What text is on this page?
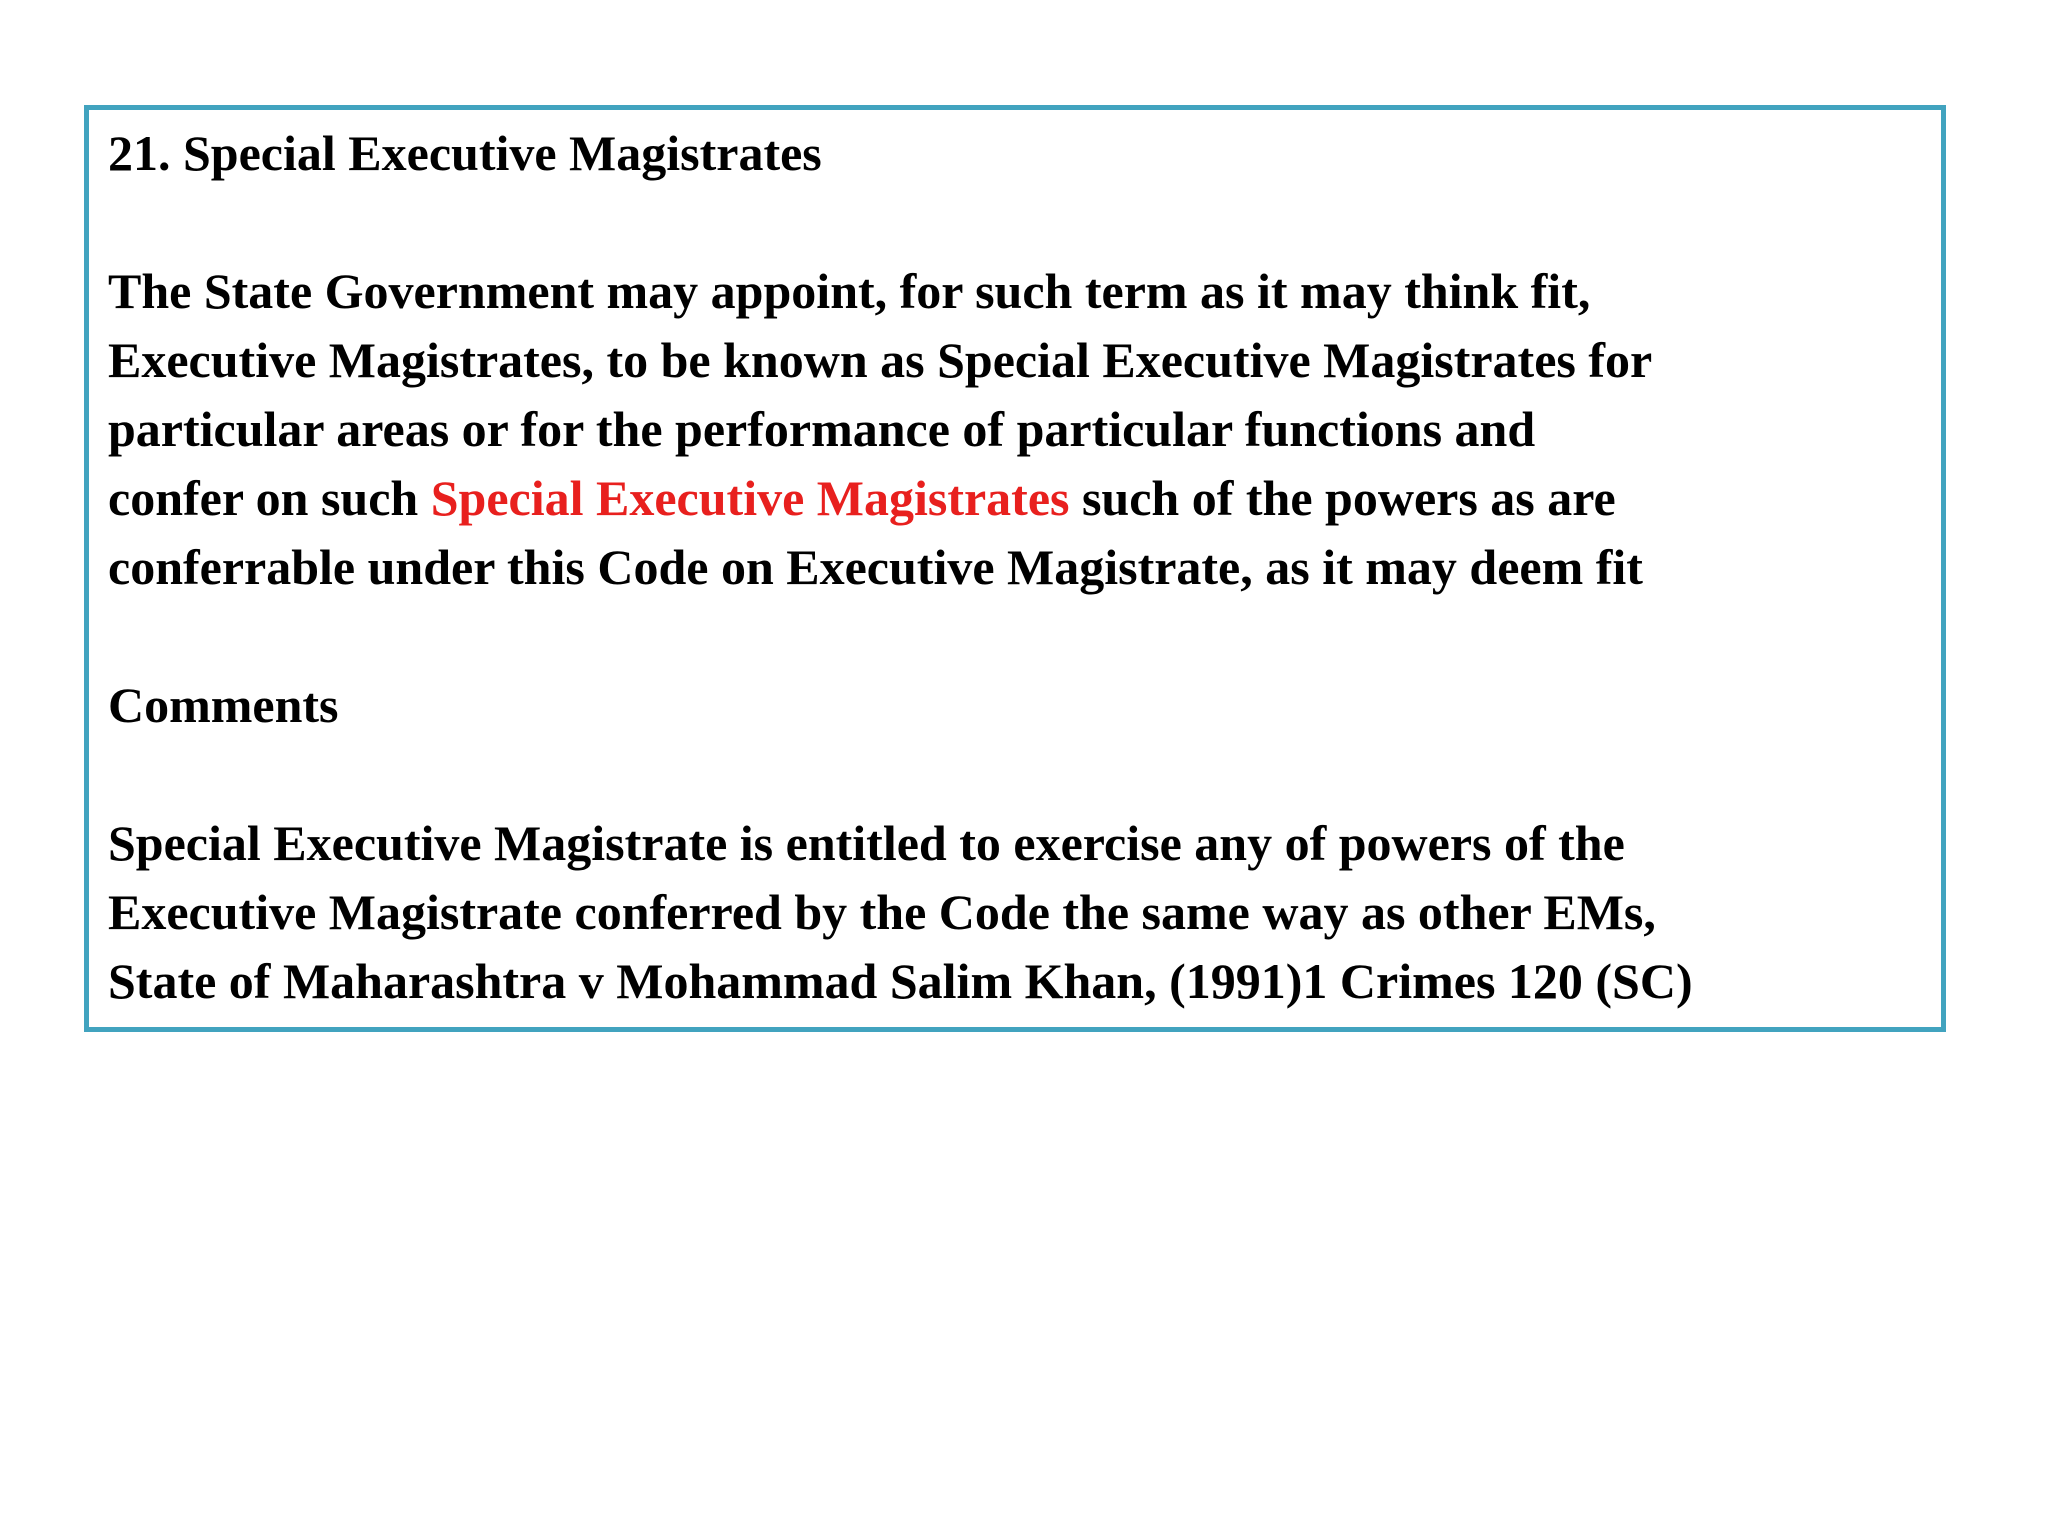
21. Special Executive Magistrates
The State Government may appoint, for such term as it may think fit,
Executive Magistrates, to be known as Special Executive Magistrates for
particular areas or for the performance of particular functions and
confer on such Special Executive Magistrates such of the powers as are
conferrable under this Code on Executive Magistrate, as it may deem fit
Comments
Special Executive Magistrate is entitled to exercise any of powers of the
Executive Magistrate conferred by the Code the same way as other EMs,
State of Maharashtra v Mohammad Salim Khan, (1991)1 Crimes 120 (SC)
